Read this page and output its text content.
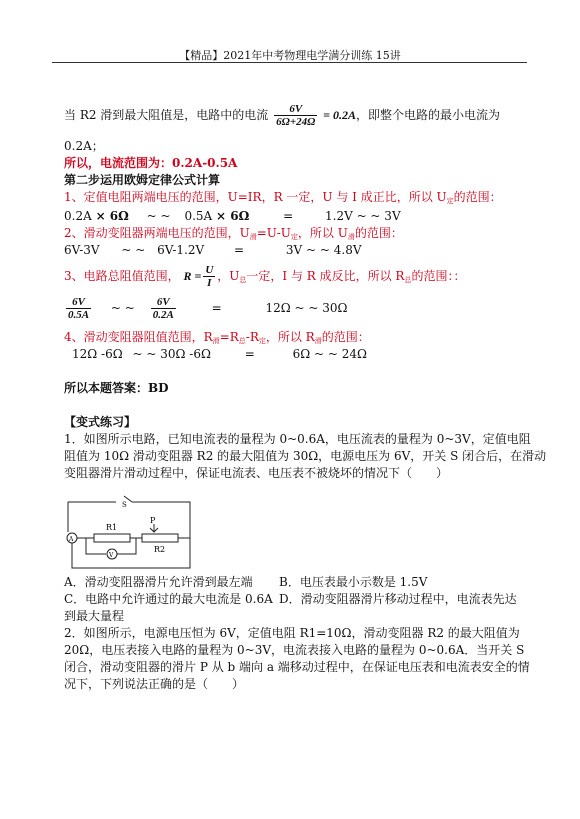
【精品】2021年中考物理电学满分训练 15讲
当 R2 滑到最大阻值是，电路中的电流 $\frac{6V}{6\Omega+24\Omega} = 0.2A$，即整个电路的最小电流为
0.2A；
所以，电流范围为：0.2A-0.5A
第二步运用欧姆定律公式计算
1、定值电阻两端电压的范围，U=IR，R 一定，U 与 I 成正比，所以 $U_定$的范围：
0.2A × 6Ω ~ ~ 0.5A × 6Ω	=	1.2V ~ ~ 3V
2、滑动变阻器两端电压的范围，$U_滑=U-U_定$，所以 $U_滑$的范围：
6V-3V ~ ~ 6V-1.2V =	3V ~ ~ 4.8V
3、电路总阻值范围， $R = \frac{U}{I}$ ，$U_总$一定，I 与 R 成反比，所以 $R_总$的范围：：
$\frac{6V}{0.5A}$ ~ ~ $\frac{6V}{0.2A}$	=	12Ω ~ ~ 30Ω
4、滑动变阻器阻值范围，$R_滑=R_总-R_定$，所以 $R_滑$的范围：
12Ω -6Ω ~ ~ 30Ω -6Ω	=	6Ω ~ ~ 24Ω
所以本题答案：BD
【变式练习】
1．如图所示电路，已知电流表的量程为 0~0.6A，电压流表的量程为 0~3V，定值电阻
阻值为 10Ω 滑动变阻器 R2 的最大阻值为 30Ω，电源电压为 6V，开关 S 闭合后，在滑动
变阻器滑片滑动过程中，保证电流表、电压表不被烧坏的情况下（　　）
S
R1
P
R2
A
V
A．滑动变阻器滑片允许滑到最左端 B．电压表最小示数是 1.5V
C．电路中允许通过的最大电流是 0.6A D．滑动变阻器滑片移动过程中，电流表先达
到最大量程
2．如图所示，电源电压恒为 6V，定值电阻 R1=10Ω，滑动变阻器 R2 的最大阻值为
20Ω，电压表接入电路的量程为 0~3V，电流表接入电路的量程为 0~0.6A．当开关 S
闭合，滑动变阻器的滑片 P 从 b 端向 a 端移动过程中，在保证电压表和电流表安全的情
况下，下列说法正确的是（　　）
